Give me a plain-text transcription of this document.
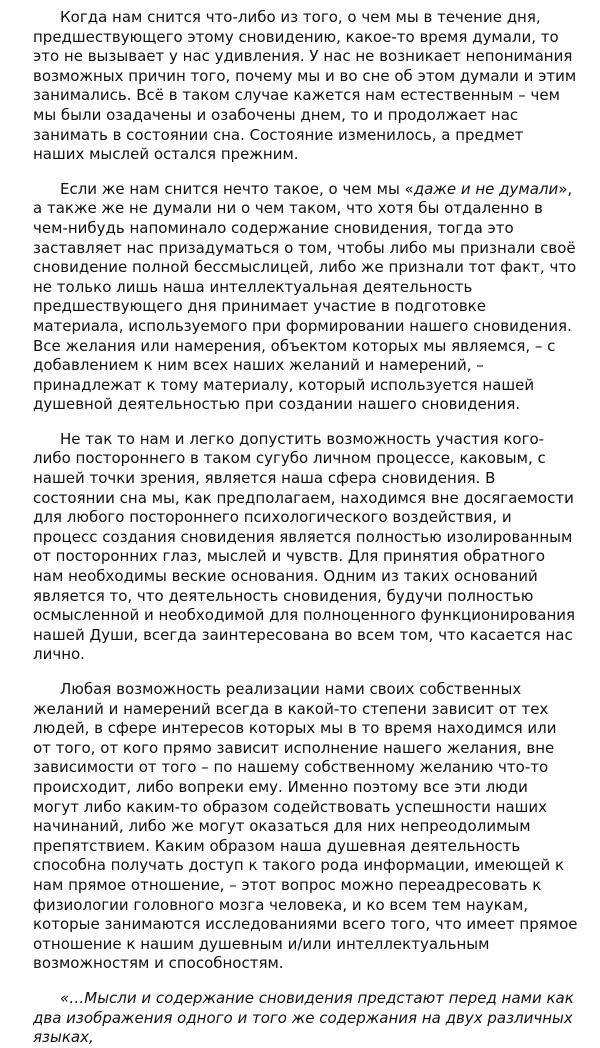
Когда нам снится что-либо из того, о чем мы в течение дня, предшествующего этому сновидению, какое-то время думали, то это не вызывает у нас удивления. У нас не возникает непонимания возможных причин того, почему мы и во сне об этом думали и этим занимались. Всё в таком случае кажется нам естественным – чем мы были озадачены и озабочены днем, то и продолжает нас занимать в состоянии сна. Состояние изменилось, а предмет наших мыслей остался прежним.

Если же нам снится нечто такое, о чем мы «даже и не думали», а также же не думали ни о чем таком, что хотя бы отдаленно в чем-нибудь напоминало содержание сновидения, тогда это заставляет нас призадуматься о том, чтобы либо мы признали своё сновидение полной бессмыслицей, либо же признали тот факт, что не только лишь наша интеллектуальная деятельность предшествующего дня принимает участие в подготовке материала, используемого при формировании нашего сновидения. Все желания или намерения, объектом которых мы являемся, – с добавлением к ним всех наших желаний и намерений, – принадлежат к тому материалу, который используется нашей душевной деятельностью при создании нашего сновидения.

Не так то нам и легко допустить возможность участия кого-либо постороннего в таком сугубо личном процессе, каковым, с нашей точки зрения, является наша сфера сновидения. В состоянии сна мы, как предполагаем, находимся вне досягаемости для любого постороннего психологического воздействия, и процесс создания сновидения является полностью изолированным от посторонних глаз, мыслей и чувств. Для принятия обратного нам необходимы веские основания. Одним из таких оснований является то, что деятельность сновидения, будучи полностью осмысленной и необходимой для полноценного функционирования нашей Души, всегда заинтересована во всем том, что касается нас лично.

Любая возможность реализации нами своих собственных желаний и намерений всегда в какой-то степени зависит от тех людей, в сфере интересов которых мы в то время находимся или от того, от кого прямо зависит исполнение нашего желания, вне зависимости от того – по нашему собственному желанию что-то происходит, либо вопреки ему. Именно поэтому все эти люди могут либо каким-то образом содействовать успешности наших начинаний, либо же могут оказаться для них непреодолимым препятствием. Каким образом наша душевная деятельность способна получать доступ к такого рода информации, имеющей к нам прямое отношение, – этот вопрос можно переадресовать к физиологии головного мозга человека, и ко всем тем наукам, которые занимаются исследованиями всего того, что имеет прямое отношение к нашим душевным и/или интеллектуальным возможностям и способностям.

«…Мысли и содержание сновидения предстают перед нами как два изображения одного и того же содержания на двух различных языках,
